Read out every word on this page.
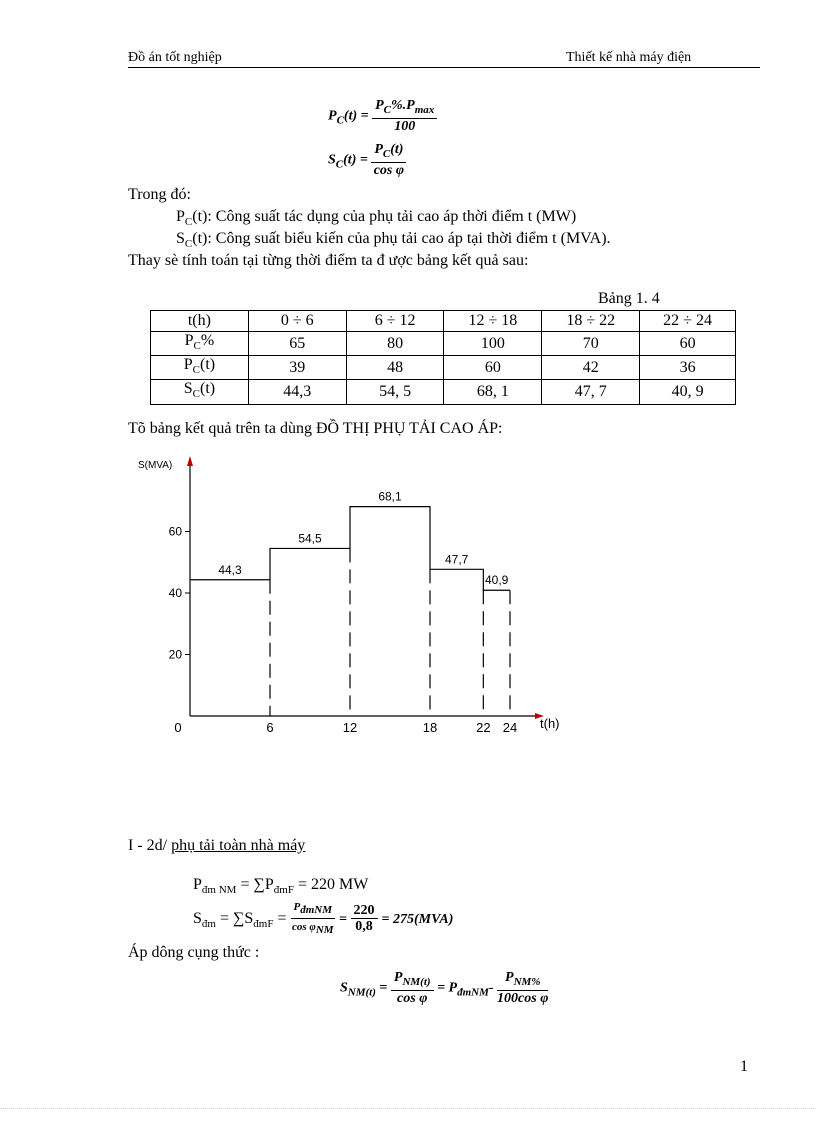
Đồ án tốt nghiệp	Thiết kế nhà máy điện
$P_C(t) = \frac{P_C\%.P_{max}}{100}$
$S_C(t) = \frac{P_C(t)}{\text{cos φ}}$
Trong đó:
$P_C(t)$: Công suất tác dụng của phụ tải cao áp thời điểm t (MW)
$S_C(t)$: Công suất biểu kiến của phụ tải cao áp tại thời điểm t (MVA).
Thay sè tính toán tại từng thời điểm ta đ ược bảng kết quả sau:
Bảng 1. 4
t(h)	0 ÷ 6	6 ÷ 12	12 ÷ 18	18 ÷ 22	22 ÷ 24
$P_C\%$	65	80	100	70	60
$P_C(t)$	39	48	60	42	36
$S_C(t)$	44,3	54, 5	68, 1	47, 7	40, 9
Tõ bảng kết quả trên ta dùng ĐỒ THỊ PHỤ TẢI CAO ÁP:
S(MVA)
t(h)
20
40
60
0	6	12	18	22 24
44,3
54,5
68,1
47,7
40,9
I - 2d/ phụ tải toàn nhà máy
$P_{đm NM} = \sum P_{đmF} = 220$ MW
$S_{đm} = \sum S_{đmF} = \frac{P_{đmNM}}{\cos \varphi_{NM}} = \frac{220}{0,8} = 275(MVA)$
Áp dông cụng thức :
$S_{NM(t)} = \frac{P_{NM(t)}}{\text{cos φ}} = P_{đmNM}- \frac{P_{NM\%}}{\text{100cos φ}}$
1
